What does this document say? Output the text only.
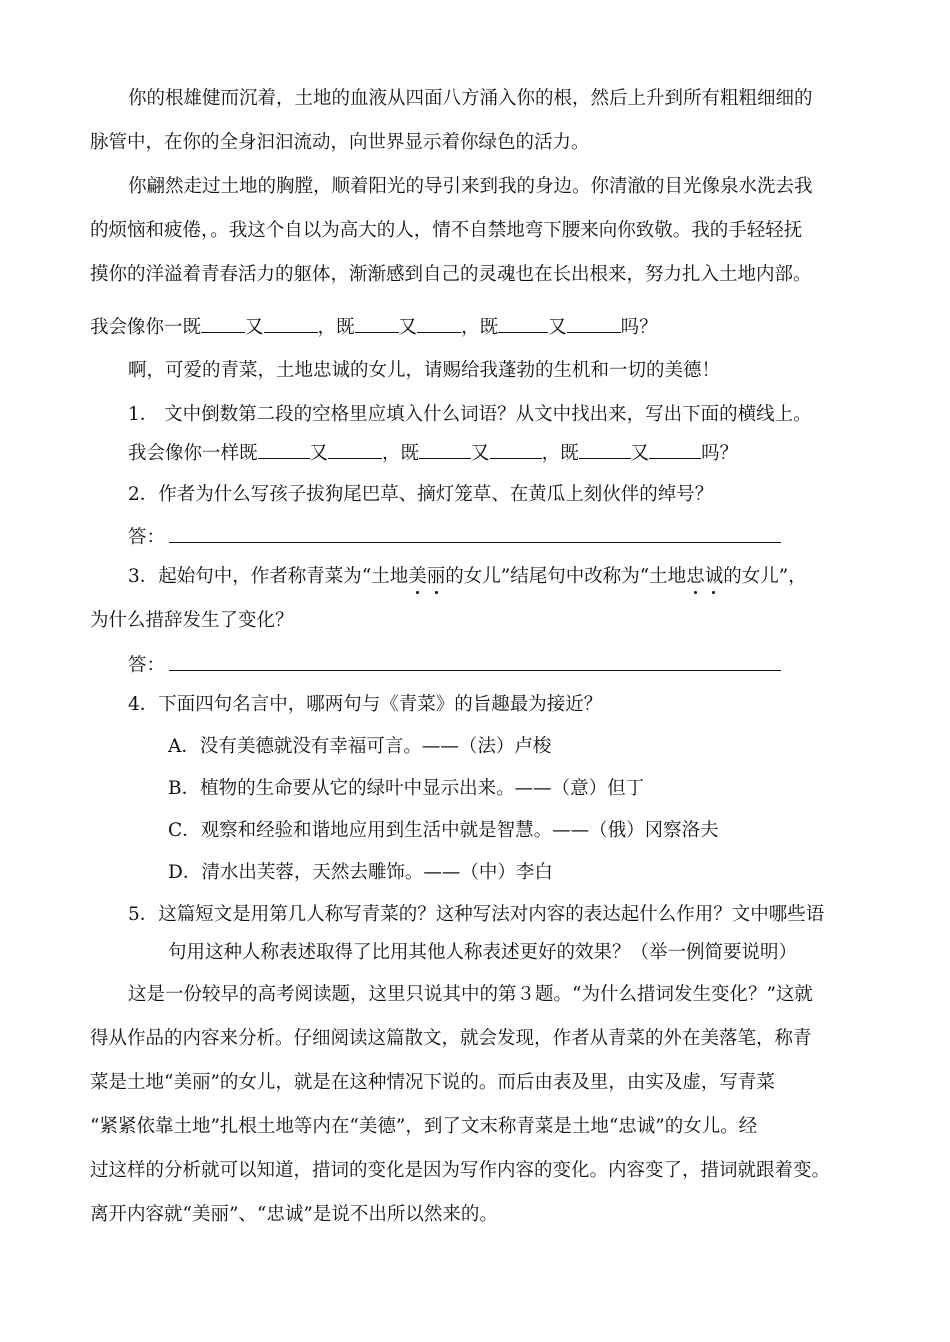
你的根雄健而沉着，土地的血液从四面八方涌入你的根，然后上升到所有粗粗细细的
脉管中，在你的全身汩汩流动，向世界显示着你绿色的活力。
你翩然走过土地的胸膛，顺着阳光的导引来到我的身边。你清澈的目光像泉水洗去我
的烦恼和疲倦，。我这个自以为高大的人，情不自禁地弯下腰来向你致敬。我的手轻轻抚
摸你的洋溢着青春活力的躯体，渐渐感到自己的灵魂也在长出根来，努力扎入土地内部。
我会像你一既 又	，既 又 ，既	又	吗？
啊，可爱的青菜，土地忠诚的女儿，请赐给我蓬勃的生机和一切的美德！
1． 文中倒数第二段的空格里应填入什么词语？从文中找出来，写出下面的横线上。
我会像你一样既	又	，既	又	，既	又	吗？
2．作者为什么写孩子拔狗尾巴草、摘灯笼草、在黄瓜上刻伙伴的绰号？
答：
3．起始句中，作者称青菜为“土地美丽的女儿”结尾句中改称为“土地忠诚的女儿”，
为什么措辞发生了变化？
答：
4．下面四句名言中，哪两句与《青菜》的旨趣最为接近？
A．没有美德就没有幸福可言。——（法）卢梭
B．植物的生命要从它的绿叶中显示出来。——（意）但丁
C．观察和经验和谐地应用到生活中就是智慧。——（俄）冈察洛夫
D．清水出芙蓉，天然去雕饰。——（中）李白
5．这篇短文是用第几人称写青菜的？这种写法对内容的表达起什么作用？文中哪些语
句用这种人称表述取得了比用其他人称表述更好的效果？（举一例简要说明）
这是一份较早的高考阅读题，这里只说其中的第３题。“为什么措词发生变化？”这就
得从作品的内容来分析。仔细阅读这篇散文，就会发现，作者从青菜的外在美落笔，称青
菜是土地“美丽”的女儿，就是在这种情况下说的。而后由表及里，由实及虚，写青菜
“紧紧依靠土地”扎根土地等内在“美德”，到了文末称青菜是土地“忠诚”的女儿。经
过这样的分析就可以知道，措词的变化是因为写作内容的变化。内容变了，措词就跟着变。
离开内容就“美丽”、“忠诚”是说不出所以然来的。
